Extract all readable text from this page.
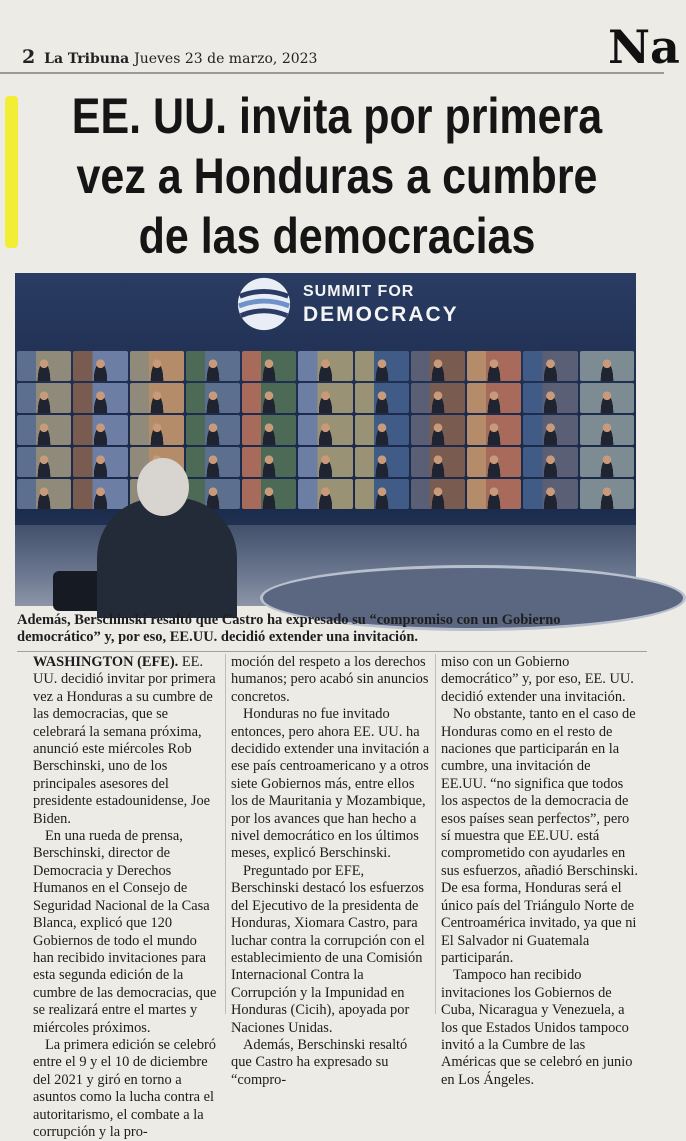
2 La Tribuna Jueves 23 de marzo, 2023	Na
EE. UU. invita por primera
vez a Honduras a cumbre
de las democracias
SUMMIT FOR
DEMOCRACY
Además, Berschinski resaltó que Castro ha expresado su “compromiso con un Gobierno democrático” y, por eso, EE.UU. decidió extender una invitación.

WASHINGTON (EFE). EE. UU. decidió invitar por primera vez a Honduras a su cumbre de las democracias, que se celebrará la semana próxima, anunció este miércoles Rob Berschinski, uno de los principales asesores del presidente estadounidense, Joe Biden.

En una rueda de prensa, Berschinski, director de Democracia y Derechos Humanos en el Consejo de Seguridad Nacional de la Casa Blanca, explicó que 120 Gobiernos de todo el mundo han recibido invitaciones para esta segunda edición de la cumbre de las democracias, que se realizará entre el martes y miércoles próximos.

La primera edición se celebró entre el 9 y el 10 de diciembre del 2021 y giró en torno a asuntos como la lucha contra el autoritarismo, el combate a la corrupción y la pro-

moción del respeto a los derechos humanos; pero acabó sin anuncios concretos.

Honduras no fue invitado entonces, pero ahora EE. UU. ha decidido extender una invitación a ese país centroamericano y a otros siete Gobiernos más, entre ellos los de Mauritania y Mozambique, por los avances que han hecho a nivel democrático en los últimos meses, explicó Berschinski.

Preguntado por EFE, Berschinski destacó los esfuerzos del Ejecutivo de la presidenta de Honduras, Xiomara Castro, para luchar contra la corrupción con el establecimiento de una Comisión Internacional Contra la Corrupción y la Impunidad en Honduras (Cicih), apoyada por Naciones Unidas.

Además, Berschinski resaltó que Castro ha expresado su “compro-

miso con un Gobierno democrático” y, por eso, EE. UU. decidió extender una invitación.

No obstante, tanto en el caso de Honduras como en el resto de naciones que participarán en la cumbre, una invitación de EE.UU. “no significa que todos los aspectos de la democracia de esos países sean perfectos”, pero sí muestra que EE.UU. está comprometido con ayudarles en sus esfuerzos, añadió Berschinski. De esa forma, Honduras será el único país del Triángulo Norte de Centroamérica invitado, ya que ni El Salvador ni Guatemala participarán.

Tampoco han recibido invitaciones los Gobiernos de Cuba, Nicaragua y Venezuela, a los que Estados Unidos tampoco invitó a la Cumbre de las Américas que se celebró en junio en Los Ángeles.
